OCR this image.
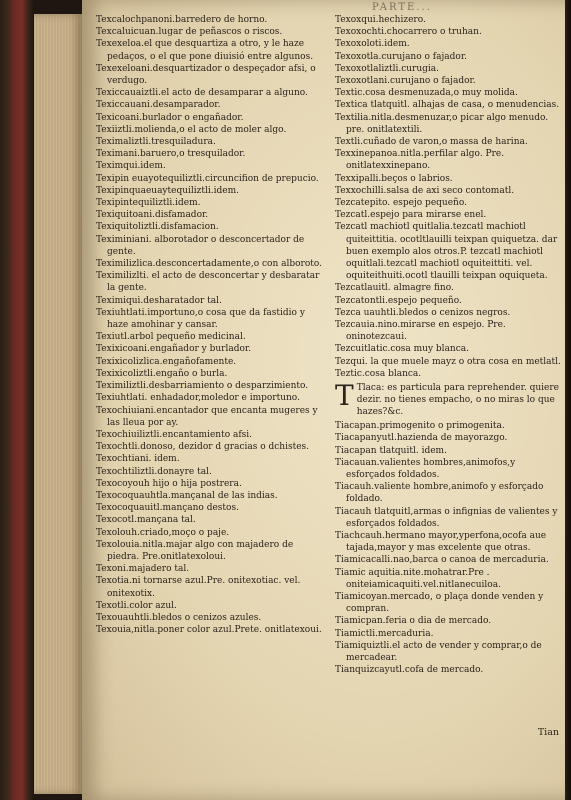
PARTE...
Texcalochpanoni.barredero de horno.
Texcaluicuan.lugar de peñascos o riscos.
Texexeloa.el que desquartiza a otro, y le haze pedaços, o el que pone diuisió entre algunos.
Texexeloani.desquartizador o despeçador afsi, o verdugo.
Texiccauaiztli.el acto de desamparar a alguno.
Texiccauani.desamparador.
Texicoani.burlador o engañador.
Texiiztli.molienda,o el acto de moler algo.
Teximaliztli.tresquiladura.
Teximani.baruero,o tresquilador.
Teximqui.idem.
Texipin euayotequiliztli.circuncifion de prepucio.
Texipinquaeuaytequiliztli.idem.
Texipintequiliztli.idem.
Texiquitoani.disfamador.
Texiquitoliztli.disfamacion.
Teximiniani. alborotador o desconcertador de gente.
Teximilizlica.desconcertadamente,o con alboroto.
Teximilizlti. el acto de desconcertar y desbaratar la gente.
Teximiqui.desharatador tal.
Texiuhtlati.importuno,o cosa que da fastidio y haze amohinar y cansar.
Texiutl.arbol pequeño medicinal.
Texixicoani.engañador y burlador.
Texixicolizlica.engañofamente.
Texixicoliztli.engaño o burla.
Teximiliztli.desbarriamiento o desparzimiento.
Texiuhtlati. enhadador,moledor e importuno.
Texochiuiani.encantador que encanta mugeres y las lleua por ay.
Texochiuiliztli.encantamiento afsi.
Texochtli.donoso, dezidor d gracias o dchistes.
Texochtiani. idem.
Texochtiliztli.donayre tal.
Texocoyouh hijo o hija postrera.
Texocoquauhtla.mançanal de las indias.
Texocoquauitl.mançano destos.
Texocotl.mançana tal.
Texolouh.criado,moço o paje.
Texolouia.nitla.majar algo con majadero de piedra. Pre.onitlatexoloui.
Texoni.majadero tal.
Texotia.ni tornarse azul.Pre. onitexotiac. vel. onitexotix.
Texotli.color azul.
Texouauhtli.bledos o cenizos azules.
Texouia,nitla.poner color azul.Prete. onitlatexoui.
Texoxqui.hechizero.
Texoxochti.chocarrero o truhan.
Texoxoloti.idem.
Texoxotla.curujano o fajador.
Texoxotlaliztli.curugia.
Texoxotlani.curujano o fajador.
Textic.cosa desmenuzada,o muy molida.
Textica tlatquitl. alhajas de casa, o menudencias.
Textilia.nitla.desmenuzar,o picar algo menudo. pre. onitlatextili.
Textli.cuñado de varon,o massa de harina.
Texxinepanoa.nitla.perfilar algo. Pre. onitlatexxinepano.
Texxipalli.beços o labrios.
Texxochilli.salsa de axi seco contomatl.
Tezcatepito. espejo pequeño.
Tezcatl.espejo para mirarse enel.
Tezcatl machiotl quitlalia.tezcatl machiotl quiteittitia. ocotltlauilli teixpan quiquetza. dar buen exemplo alos otros.P. tezcatl machiotl oquitlali.tezcatl machiotl oquiteittiti. vel. oquiteithuiti.ocotl tlauilli teixpan oquiqueta.
Tezcatlauitl. almagre fino.
Tezcatontli.espejo pequeño.
Tezca uauhtli.bledos o cenizos negros.
Tezcauia.nino.mirarse en espejo. Pre. oninotezcaui.
Tezcuitlatic.cosa muy blanca.
Tezqui. la que muele mayz o otra cosa en metlatl.
Teztic.cosa blanca.
T Tlaca: es particula para reprehender. quiere dezir. no tienes empacho, o no miras lo que hazes?&c.
Tiacapan.primogenito o primogenita.
Tiacapanyutl.hazienda de mayorazgo.
Tiacapan tlatquitl. idem.
Tiacauan.valientes hombres,animofos,y esforçados foldados.
Tiacauh.valiente hombre,animofo y esforçado foldado.
Tiacauh tlatquitl,armas o infignias de valientes y esforçados foldados.
Tiachcauh.hermano mayor,yperfona,ocofa aue tajada,mayor y mas excelente que otras.
Tiamicacalli.nao,barca o canoa de mercaduria.
Tiamic aquitia.nite.mohatrar.Pre . oniteiamicaquiti.vel.nitlanecuiloa.
Tiamicoyan.mercado, o plaça donde venden y compran.
Tiamicpan.feria o dia de mercado.
Tiamictli.mercaduria.
Tiamiquiztli.el acto de vender y comprar,o de mercadear.
Tianquizcayutl.cofa de mercado.
Tian
